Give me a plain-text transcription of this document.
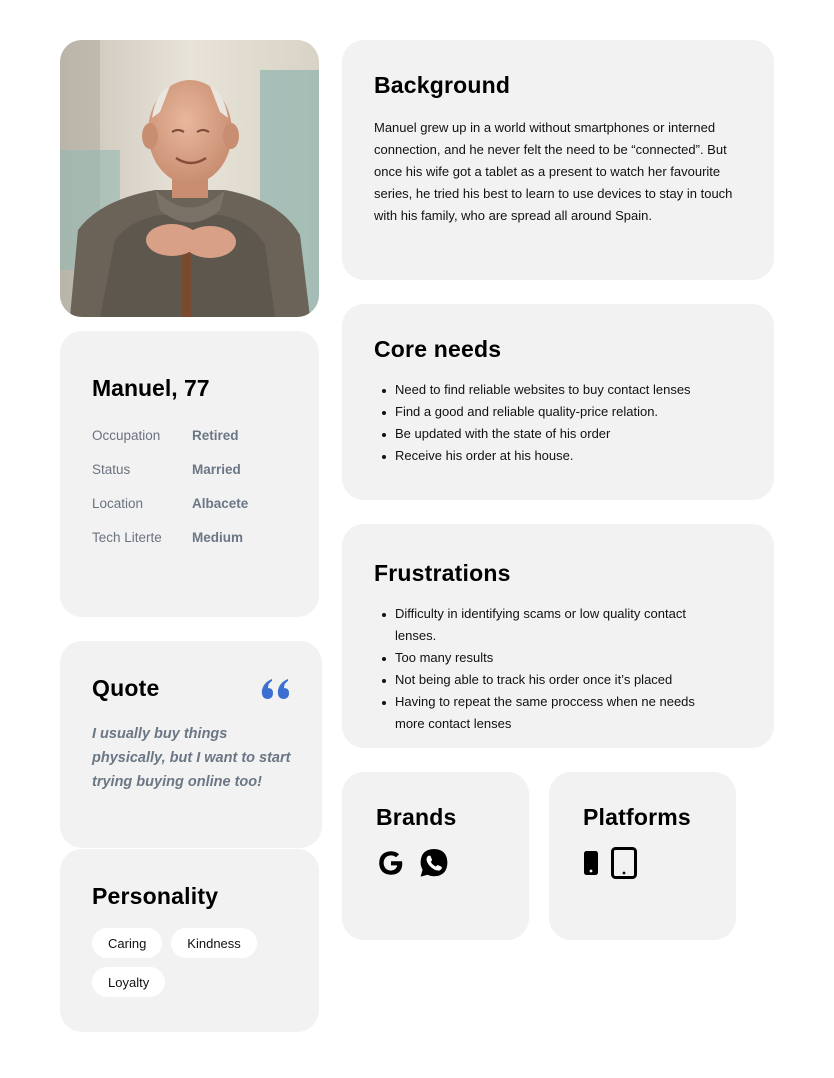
Manuel, 77
Occupation	Retired
Status	Married
Location	Albacete
Tech Literte	Medium
Quote
I usually buy things physically, but I want to start trying buying online too!
Personality
Caring	Kindness
Loyalty
Background

Manuel grew up in a world without smartphones or interned connection, and he never felt the need to be “connected”. But once his wife got a tablet as a present to watch her favourite series, he tried his best to learn to use devices to stay in touch with his family, who are spread all around Spain.

Core needs
Need to find reliable websites to buy contact lenses
Find a good and reliable quality-price relation.
Be updated with the state of his order
Receive his order at his house.
Frustrations
Difficulty in identifying scams or low quality contact lenses.
Too many results
Not being able to track his order once it’s placed
Having to repeat the same proccess when ne needs more contact lenses
Brands	Platforms
